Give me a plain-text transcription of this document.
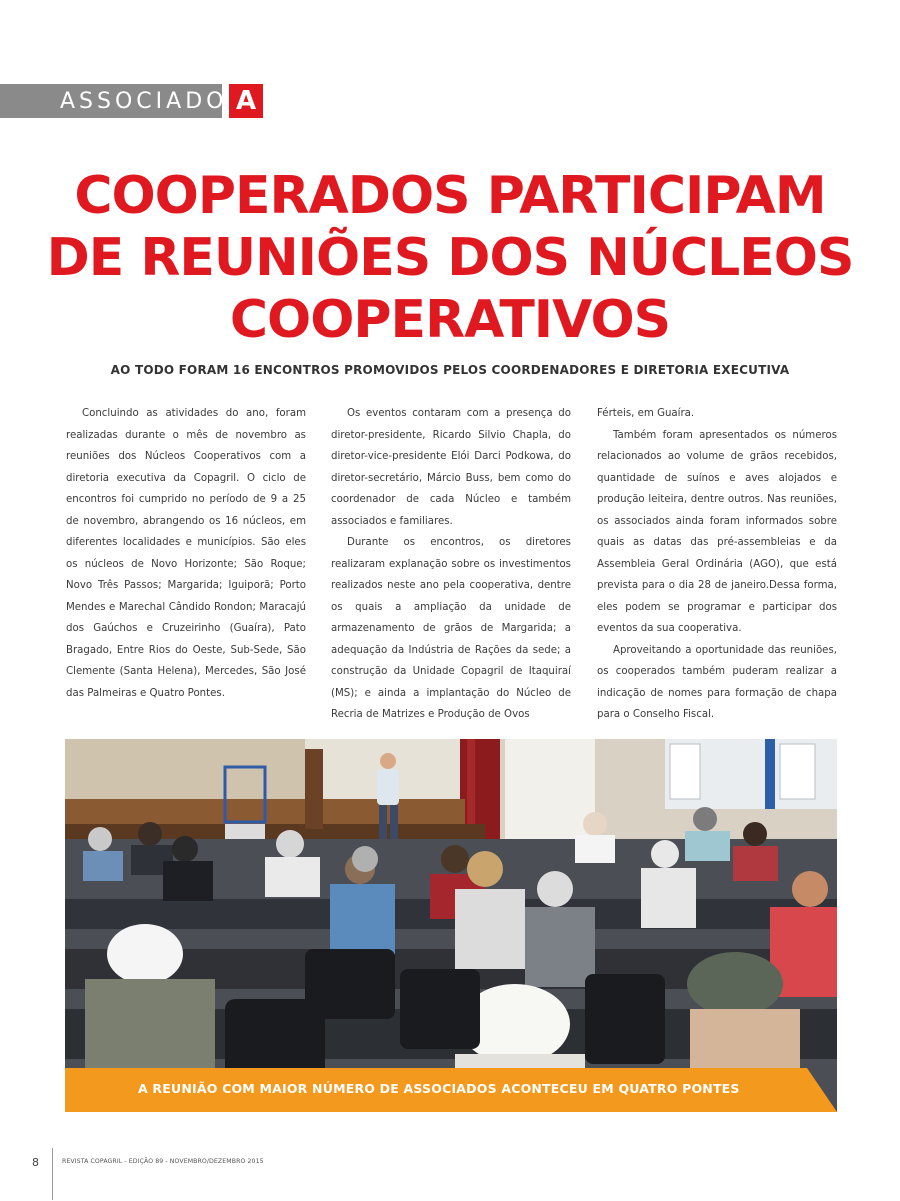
ASSOCIADO A
COOPERADOS PARTICIPAM
DE REUNIÕES DOS NÚCLEOS
COOPERATIVOS
AO TODO FORAM 16 ENCONTROS PROMOVIDOS PELOS COORDENADORES E DIRETORIA EXECUTIVA

Concluindo as atividades do ano, foram realizadas durante o mês de novembro as reuniões dos Núcleos Cooperativos com a diretoria executiva da Copagril. O ciclo de encontros foi cumprido no período de 9 a 25 de novembro, abrangendo os 16 núcleos, em diferentes localidades e municípios. São eles os núcleos de Novo Horizonte; São Roque; Novo Três Passos; Margarida; Iguiporã; Porto Mendes e Marechal Cândido Rondon; Maracajú dos Gaúchos e Cruzeirinho (Guaíra), Pato Bragado, Entre Rios do Oeste, Sub-Sede, São Clemente (Santa Helena), Mercedes, São José das Palmeiras e Quatro Pontes.

Os eventos contaram com a presença do diretor-presidente, Ricardo Silvio Chapla, do diretor-vice-presidente Elói Darci Podkowa, do diretor-secretário, Márcio Buss, bem como do coordenador de cada Núcleo e também associados e familiares.

Durante os encontros, os diretores realizaram explanação sobre os investimentos realizados neste ano pela cooperativa, dentre os quais a ampliação da unidade de armazenamento de grãos de Margarida; a adequação da Indústria de Rações da sede; a construção da Unidade Copagril de Itaquiraí (MS); e ainda a implantação do Núcleo de Recria de Matrizes e Produção de Ovos

Férteis, em Guaíra.

Também foram apresentados os números relacionados ao volume de grãos recebidos, quantidade de suínos e aves alojados e produção leiteira, dentre outros. Nas reuniões, os associados ainda foram informados sobre quais as datas das pré-assembleias e da Assembleia Geral Ordinária (AGO), que está prevista para o dia 28 de janeiro.Dessa forma, eles podem se programar e participar dos eventos da sua cooperativa.

Aproveitando a oportunidade das reuniões, os cooperados também puderam realizar a indicação de nomes para formação de chapa para o Conselho Fiscal.

A REUNIÃO COM MAIOR NÚMERO DE ASSOCIADOS ACONTECEU EM QUATRO PONTES
8	REVISTA COPAGRIL - EDIÇÃO 89 - NOVEMBRO/DEZEMBRO 2015
